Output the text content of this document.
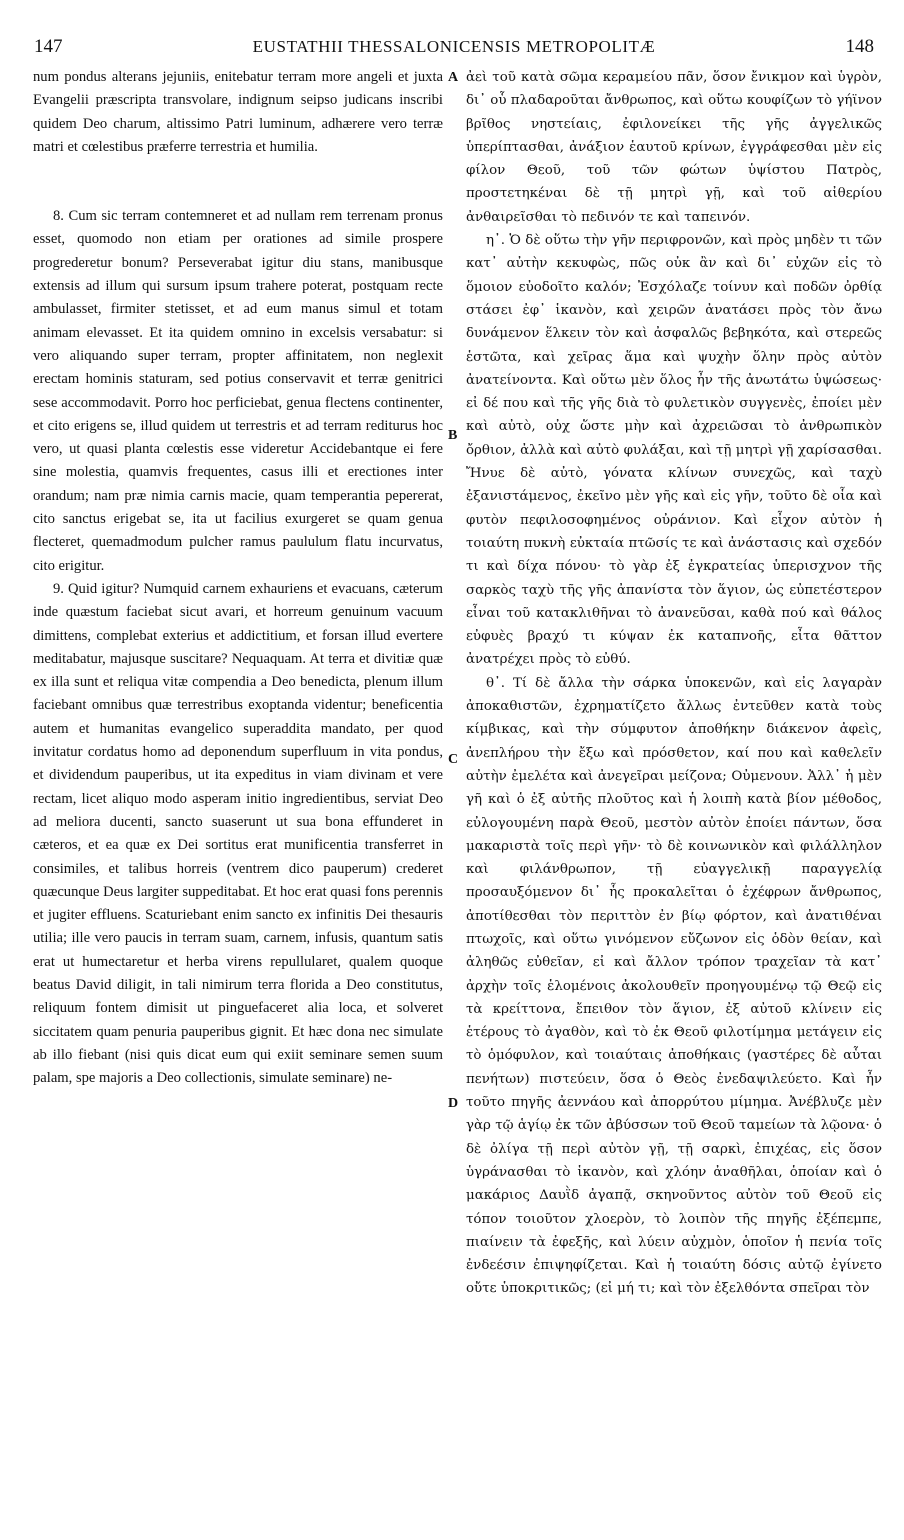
147	EUSTATHII THESSALONICENSIS METROPOLITÆ	148

num pondus alterans jejuniis, enitebatur terram more angeli et juxta Evangelii præscripta transvolare, indignum seipso judicans inscribi quidem Deo charum, altissimo Patri luminum, adhærere vero terræ matri et cœlestibus præferre terrestria et humilia.

8. Cum sic terram contemneret et ad nullam rem terrenam pronus esset, quomodo non etiam per orationes ad simile prospere progrederetur bonum? Perseverabat igitur diu stans, manibusque extensis ad illum qui sursum ipsum trahere poterat, postquam recte ambulasset, firmiter stetisset, et ad eum manus simul et totam animam elevasset. Et ita quidem omnino in excelsis versabatur: si vero aliquando super terram, propter affinitatem, non neglexit erectam hominis staturam, sed potius conservavit et terræ genitrici sese accommodavit. Porro hoc perficiebat, genua flectens continenter, et cito erigens se, illud quidem ut terrestris et ad terram rediturus hoc vero, ut quasi planta cœlestis esse videretur Accidebantque ei fere sine molestia, quamvis frequentes, casus illi et erectiones inter orandum; nam præ nimia carnis macie, quam temperantia pepererat, cito sanctus erigebat se, ita ut facilius exurgeret se quam genua flecteret, quemadmodum pulcher ramus paululum flatu incurvatus, cito erigitur.

9. Quid igitur? Numquid carnem exhauriens et evacuans, cæterum inde quæstum faciebat sicut avari, et horreum genuinum vacuum dimittens, complebat exterius et addictitium, et forsan illud evertere meditabatur, majusque suscitare? Nequaquam. At terra et divitiæ quæ ex illa sunt et reliqua vitæ compendia a Deo benedicta, plenum illum faciebant omnibus quæ terrestribus exoptanda videntur; beneficentia autem et humanitas evangelico superaddita mandato, per quod invitatur cordatus homo ad deponendum superfluum in vita pondus, et dividendum pauperibus, ut ita expeditus in viam divinam et vere rectam, licet aliquo modo asperam initio ingredientibus, serviat Deo ad meliora ducenti, sancto suaserunt ut sua bona effunderet in cæteros, et ea quæ ex Dei sortitus erat munificentia transferret in consimiles, et talibus horreis (ventrem dico pauperum) crederet quæcunque Deus largiter suppeditabat. Et hoc erat quasi fons perennis et jugiter effluens. Scaturiebant enim sancto ex infinitis Dei thesauris utilia; ille vero paucis in terram suam, carnem, infusis, quantum satis erat ut humectaretur et herba virens repullularet, qualem quoque beatus David diligit, in tali nimirum terra florida a Deo constitutus, reliquum fontem dimisit ut pinguefaceret alia loca, et solveret siccitatem quam penuria pauperibus gignit. Et hæc dona nec simulate ab illo fiebant (nisi quis dicat eum qui exiit seminare semen suum palam, spe majoris a Deo collectionis, simulate seminare) ne-

A
B
C
D

ἀεὶ τοῦ κατὰ σῶμα κεραμείου πᾶν, ὅσον ἔνικμον καὶ ὑγρὸν, δι᾽ οὗ πλαδαροῦται ἄνθρωπος, καὶ οὕτω κουφίζων τὸ γήϊνον βρῖθος νηστείαις, ἐφιλονείκει τῆς γῆς ἀγγελικῶς ὑπερίπτασθαι, ἀνάξιον ἑαυτοῦ κρίνων, ἐγγράφεσθαι μὲν εἰς φίλον Θεοῦ, τοῦ τῶν φώτων ὑψίστου Πατρὸς, προστετηκέναι δὲ τῇ μητρὶ γῇ, καὶ τοῦ αἰθερίου ἀνθαιρεῖσθαι τὸ πεδινόν τε καὶ ταπεινόν.

η᾽. Ὁ δὲ οὕτω τὴν γῆν περιφρονῶν, καὶ πρὸς μηδὲν τι τῶν κατ᾽ αὐτὴν κεκυφὼς, πῶς οὐκ ἂν καὶ δι᾽ εὐχῶν εἰς τὸ ὅμοιον εὐοδοῖτο καλόν; Ἐσχόλαζε τοίνυν καὶ ποδῶν ὀρθίᾳ στάσει ἐφ᾽ ἱκανὸν, καὶ χειρῶν ἀνατάσει πρὸς τὸν ἄνω δυνάμενον ἕλκειν τὸν καὶ ἀσφαλῶς βεβηκότα, καὶ στερεῶς ἑστῶτα, καὶ χεῖρας ἅμα καὶ ψυχὴν ὅλην πρὸς αὐτὸν ἀνατείνοντα. Καὶ οὕτω μὲν ὅλος ἦν τῆς ἀνωτάτω ὑψώσεως· εἰ δέ που καὶ τῆς γῆς διὰ τὸ φυλετικὸν συγγενὲς, ἐποίει μὲν καὶ αὐτὸ, οὐχ ὥστε μὴν καὶ ἀχρειῶσαι τὸ ἀνθρωπικὸν ὄρθιον, ἀλλὰ καὶ αὐτὸ φυλάξαι, καὶ τῇ μητρὶ γῇ χαρίσασθαι. Ἤνυε δὲ αὐτὸ, γόνατα κλίνων συνεχῶς, καὶ ταχὺ ἐξανιστάμενος, ἐκεῖνο μὲν γῆς καὶ εἰς γῆν, τοῦτο δὲ οἷα καὶ φυτὸν πεφιλοσοφημένος οὐράνιον. Καὶ εἶχον αὐτὸν ἡ τοιαύτη πυκνὴ εὐκταία πτῶσίς τε καὶ ἀνάστασις καὶ σχεδόν τι καὶ δίχα πόνου· τὸ γὰρ ἐξ ἐγκρατείας ὑπερισχνον τῆς σαρκὸς ταχὺ τῆς γῆς ἀπανίστα τὸν ἅγιον, ὡς εὐπετέστερον εἶναι τοῦ κατακλιθῆναι τὸ ἀνανεῦσαι, καθὰ πού καὶ θάλος εὐφυὲς βραχύ τι κύψαν ἐκ καταπνοῆς, εἶτα θᾶττον ἀνατρέχει πρὸς τὸ εὐθύ.

θ᾽. Τί δὲ ἄλλα τὴν σάρκα ὑποκενῶν, καὶ εἰς λαγαρὰν ἀποκαθιστῶν, ἐχρηματίζετο ἄλλως ἐντεῦθεν κατὰ τοὺς κίμβικας, καὶ τὴν σύμφυτον ἀποθήκην διάκενον ἀφεὶς, ἀνεπλήρου τὴν ἔξω καὶ πρόσθετον, καί που καὶ καθελεῖν αὐτὴν ἐμελέτα καὶ ἀνεγεῖραι μείζονα; Οὐμενουν. Ἀλλ᾽ ἡ μὲν γῆ καὶ ὁ ἐξ αὐτῆς πλοῦτος καὶ ἡ λοιπὴ κατὰ βίον μέθοδος, εὐλογουμένη παρὰ Θεοῦ, μεστὸν αὐτὸν ἐποίει πάντων, ὅσα μακαριστὰ τοῖς περὶ γῆν· τὸ δὲ κοινωνικὸν καὶ φιλάλληλον καὶ φιλάνθρωπον, τῇ εὐαγγελικῇ παραγγελίᾳ προσαυξόμενον δι᾽ ἧς προκαλεῖται ὁ ἐχέφρων ἄνθρωπος, ἀποτίθεσθαι τὸν περιττὸν ἐν βίῳ φόρτον, καὶ ἀνατιθέναι πτωχοῖς, καὶ οὕτω γινόμενον εὔζωνον εἰς ὁδὸν θείαν, καὶ ἀληθῶς εὐθεῖαν, εἰ καὶ ἄλλον τρόπον τραχεῖαν τὰ κατ᾽ ἀρχὴν τοῖς ἑλομένοις ἀκολουθεῖν προηγουμένῳ τῷ Θεῷ εἰς τὰ κρείττονα, ἔπειθον τὸν ἅγιον, ἐξ αὐτοῦ κλίνειν εἰς ἑτέρους τὸ ἀγαθὸν, καὶ τὸ ἐκ Θεοῦ φιλοτίμημα μετάγειν εἰς τὸ ὁμόφυλον, καὶ τοιαύταις ἀποθήκαις (γαστέρες δὲ αὗται πενήτων) πιστεύειν, ὅσα ὁ Θεὸς ἐνεδαψιλεύετο. Καὶ ἦν τοῦτο πηγῆς ἀεννάου καὶ ἀπορρύτου μίμημα. Ἀνέβλυζε μὲν γὰρ τῷ ἁγίῳ ἐκ τῶν ἀβύσσων τοῦ Θεοῦ ταμείων τὰ λῷονα· ὁ δὲ ὀλίγα τῇ περὶ αὐτὸν γῇ, τῇ σαρκὶ, ἐπιχέας, εἰς ὅσον ὑγράνασθαι τὸ ἱκανὸν, καὶ χλόην ἀναθῆλαι, ὁποίαν καὶ ὁ μακάριος Δαυῒδ ἀγαπᾷ, σκηνοῦντος αὐτὸν τοῦ Θεοῦ εἰς τόπον τοιοῦτον χλοερὸν, τὸ λοιπὸν τῆς πηγῆς ἐξέπεμπε, πιαίνειν τὰ ἐφεξῆς, καὶ λύειν αὐχμὸν, ὁποῖον ἡ πενία τοῖς ἐνδεέσιν ἐπιψηφίζεται. Καὶ ἡ τοιαύτη δόσις αὐτῷ ἐγίνετο οὔτε ὑποκριτικῶς; (εἰ μή τι; καὶ τὸν ἐξελθόντα σπεῖραι τὸν
